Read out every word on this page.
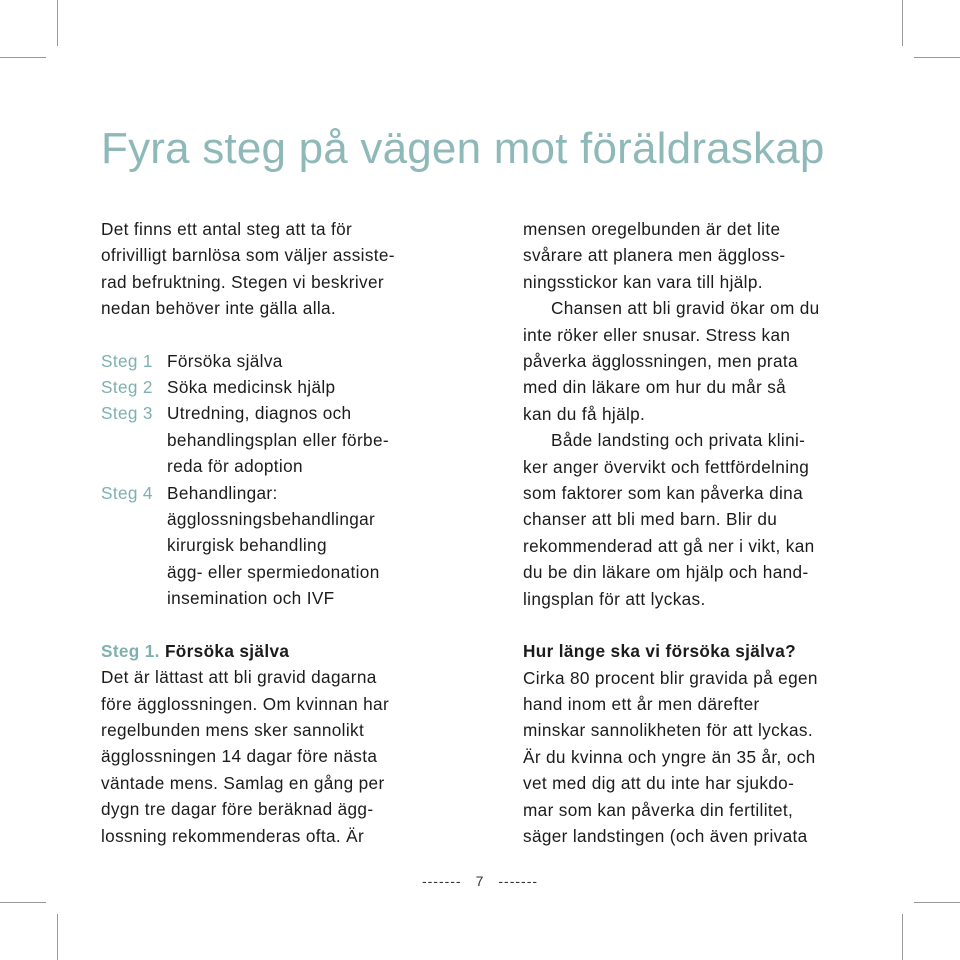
Fyra steg på vägen mot föräldraskap

Det finns ett antal steg att ta för
ofrivilligt barnlösa som väljer assiste-
rad befruktning. Stegen vi beskriver
nedan behöver inte gälla alla.

Steg 1 Försöka själva
Steg 2 Söka medicinsk hjälp
Steg 3 Utredning, diagnos och
behandlingsplan eller förbe-
reda för adoption
Steg 4 Behandlingar:
ägglossningsbehandlingar
kirurgisk behandling
ägg- eller spermiedonation
insemination och IVF
Steg 1. Försöka själva

Det är lättast att bli gravid dagarna
före ägglossningen. Om kvinnan har
regelbunden mens sker sannolikt
ägglossningen 14 dagar före nästa
väntade mens. Samlag en gång per
dygn tre dagar före beräknad ägg-
lossning rekommenderas ofta. Är

mensen oregelbunden är det lite
svårare att planera men äggloss-
ningsstickor kan vara till hjälp.

Chansen att bli gravid ökar om du
inte röker eller snusar. Stress kan
påverka ägglossningen, men prata
med din läkare om hur du mår så
kan du få hjälp.

Både landsting och privata klini-
ker anger övervikt och fettfördelning
som faktorer som kan påverka dina
chanser att bli med barn. Blir du
rekommenderad att gå ner i vikt, kan
du be din läkare om hjälp och hand-
lingsplan för att lyckas.

Hur länge ska vi försöka själva?

Cirka 80 procent blir gravida på egen
hand inom ett år men därefter
minskar sannolikheten för att lyckas.
Är du kvinna och yngre än 35 år, och
vet med dig att du inte har sjukdo-
mar som kan påverka din fertilitet,
säger landstingen (och även privata

------- 7 -------
